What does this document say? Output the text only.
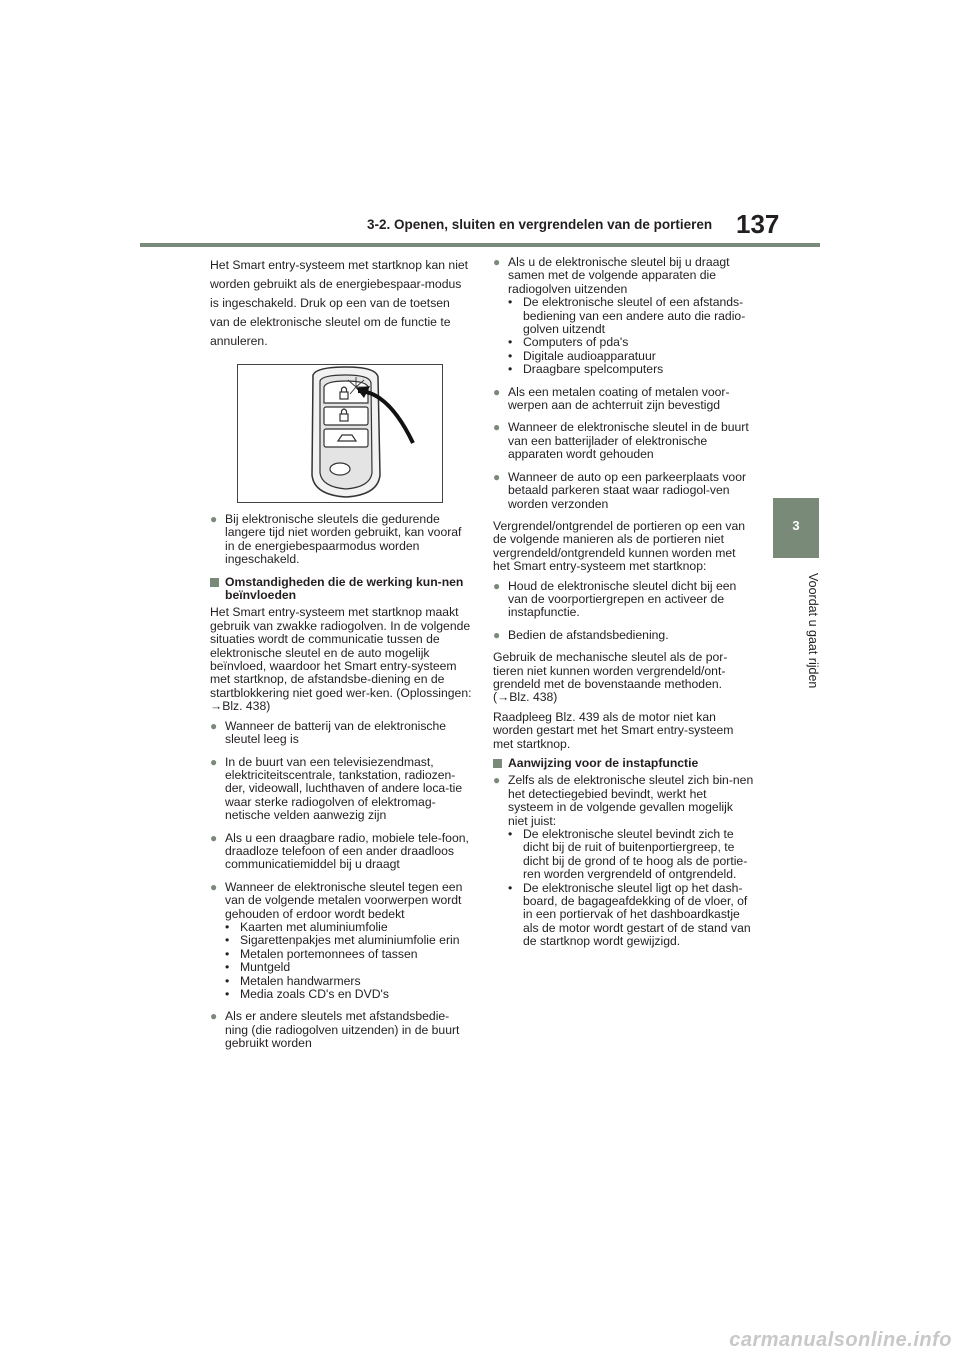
3-2. Openen, sluiten en vergrendelen van de portieren 137
3
Voordat u gaat rijden

Het Smart entry-systeem met startknop kan niet worden gebruikt als de energiebespaar-modus is ingeschakeld. Druk op een van de toetsen van de elektronische sleutel om de functie te annuleren.

● Bij elektronische sleutels die gedurende langere tijd niet worden gebruikt, kan vooraf in de energiebespaarmodus worden ingeschakeld.
Omstandigheden die de werking kun-nen beïnvloeden

Het Smart entry-systeem met startknop maakt gebruik van zwakke radiogolven. In de volgende situaties wordt de communicatie tussen de elektronische sleutel en de auto mogelijk beïnvloed, waardoor het Smart entry-systeem met startknop, de afstandsbe-diening en de startblokkering niet goed wer-ken. (Oplossingen: →Blz. 438)

● Wanneer de batterij van de elektronische sleutel leeg is
● In de buurt van een televisiezendmast, elektriciteitscentrale, tankstation, radiozen-der, videowall, luchthaven of andere loca-tie waar sterke radiogolven of elektromag-netische velden aanwezig zijn
● Als u een draagbare radio, mobiele tele-foon, draadloze telefoon of een ander draadloos communicatiemiddel bij u draagt
● Wanneer de elektronische sleutel tegen een van de volgende metalen voorwerpen wordt gehouden of erdoor wordt bedekt
• Kaarten met aluminiumfolie
• Sigarettenpakjes met aluminiumfolie erin
• Metalen portemonnees of tassen
• Muntgeld
• Metalen handwarmers
• Media zoals CD's en DVD's
● Als er andere sleutels met afstandsbedie-ning (die radiogolven uitzenden) in de buurt gebruikt worden
● Als u de elektronische sleutel bij u draagt samen met de volgende apparaten die radiogolven uitzenden
• De elektronische sleutel of een afstands-bediening van een andere auto die radio-golven uitzendt
• Computers of pda's
• Digitale audioapparatuur
• Draagbare spelcomputers
● Als een metalen coating of metalen voor-werpen aan de achterruit zijn bevestigd
● Wanneer de elektronische sleutel in de buurt van een batterijlader of elektronische apparaten wordt gehouden
● Wanneer de auto op een parkeerplaats voor betaald parkeren staat waar radiogol-ven worden verzonden

Vergrendel/ontgrendel de portieren op een van de volgende manieren als de portieren niet vergrendeld/ontgrendeld kunnen worden met het Smart entry-systeem met startknop:

● Houd de elektronische sleutel dicht bij een van de voorportiergrepen en activeer de instapfunctie.
● Bedien de afstandsbediening.

Gebruik de mechanische sleutel als de por-tieren niet kunnen worden vergrendeld/ont-grendeld met de bovenstaande methoden. (→Blz. 438)

Raadpleeg Blz. 439 als de motor niet kan worden gestart met het Smart entry-systeem met startknop.

Aanwijzing voor de instapfunctie
● Zelfs als de elektronische sleutel zich bin-nen het detectiegebied bevindt, werkt het systeem in de volgende gevallen mogelijk niet juist:
• De elektronische sleutel bevindt zich te dicht bij de ruit of buitenportiergreep, te dicht bij de grond of te hoog als de portie-ren worden vergrendeld of ontgrendeld.
• De elektronische sleutel ligt op het dash-board, de bagageafdekking of de vloer, of in een portiervak of het dashboardkastje als de motor wordt gestart of de stand van de startknop wordt gewijzigd.
carmanualsonline.info
